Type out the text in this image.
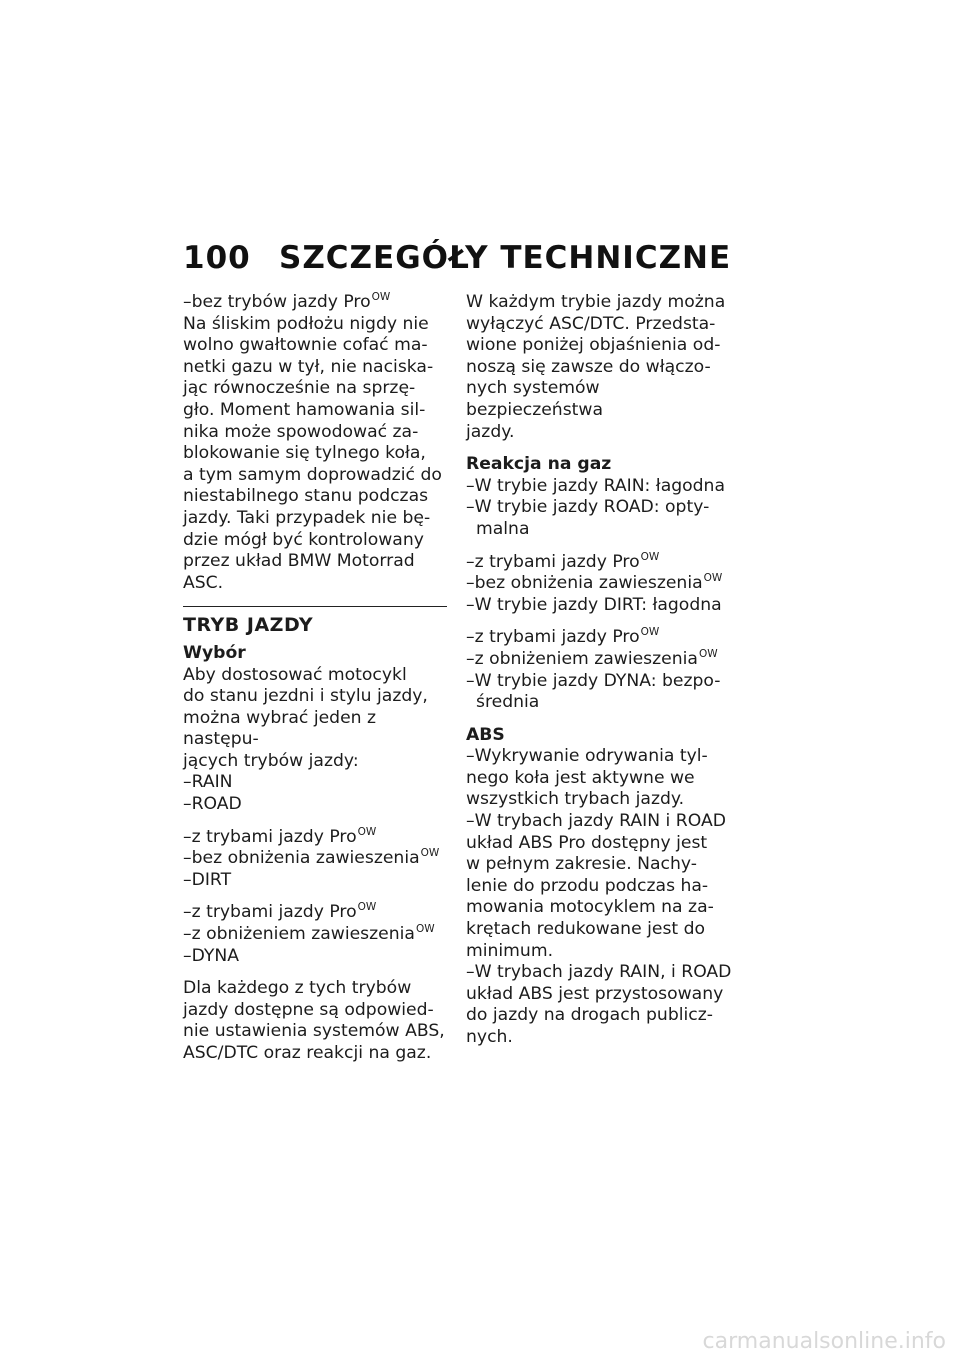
100 SZCZEGÓŁY TECHNICZNE
–bez trybów jazdy Pro$^{OW}$
Na śliskim podłożu nigdy nie
wolno gwałtownie cofać ma-
netki gazu w tył, nie naciska-
jąc równocześnie na sprzę-
gło. Moment hamowania sil-
nika może spowodować za-
blokowanie się tylnego koła,
a tym samym doprowadzić do
niestabilnego stanu podczas
jazdy. Taki przypadek nie bę-
dzie mógł być kontrolowany
przez układ BMW Motorrad
ASC.
TRYB JAZDY
Wybór
Aby dostosować motocykl
do stanu jezdni i stylu jazdy,
można wybrać jeden z następu-
jących trybów jazdy:
–RAIN
–ROAD
–z trybami jazdy Pro$^{OW}$
–bez obniżenia zawieszenia$^{OW}$
–DIRT
–z trybami jazdy Pro$^{OW}$
–z obniżeniem zawieszenia$^{OW}$
–DYNA
Dla każdego z tych trybów
jazdy dostępne są odpowied-
nie ustawienia systemów ABS,
ASC/DTC oraz reakcji na gaz.
W każdym trybie jazdy można
wyłączyć ASC/DTC. Przedsta-
wione poniżej objaśnienia od-
noszą się zawsze do włączo-
nych systemów bezpieczeństwa
jazdy.
Reakcja na gaz
–W trybie jazdy RAIN: łagodna
–W trybie jazdy ROAD: opty-
malna
–z trybami jazdy Pro$^{OW}$
–bez obniżenia zawieszenia$^{OW}$
–W trybie jazdy DIRT: łagodna
–z trybami jazdy Pro$^{OW}$
–z obniżeniem zawieszenia$^{OW}$
–W trybie jazdy DYNA: bezpo-
średnia
ABS
–Wykrywanie odrywania tyl-
nego koła jest aktywne we
wszystkich trybach jazdy.
–W trybach jazdy RAIN i ROAD
układ ABS Pro dostępny jest
w pełnym zakresie. Nachy-
lenie do przodu podczas ha-
mowania motocyklem na za-
krętach redukowane jest do
minimum.
–W trybach jazdy RAIN, i ROAD
układ ABS jest przystosowany
do jazdy na drogach publicz-
nych.
carmanualsonline.info
